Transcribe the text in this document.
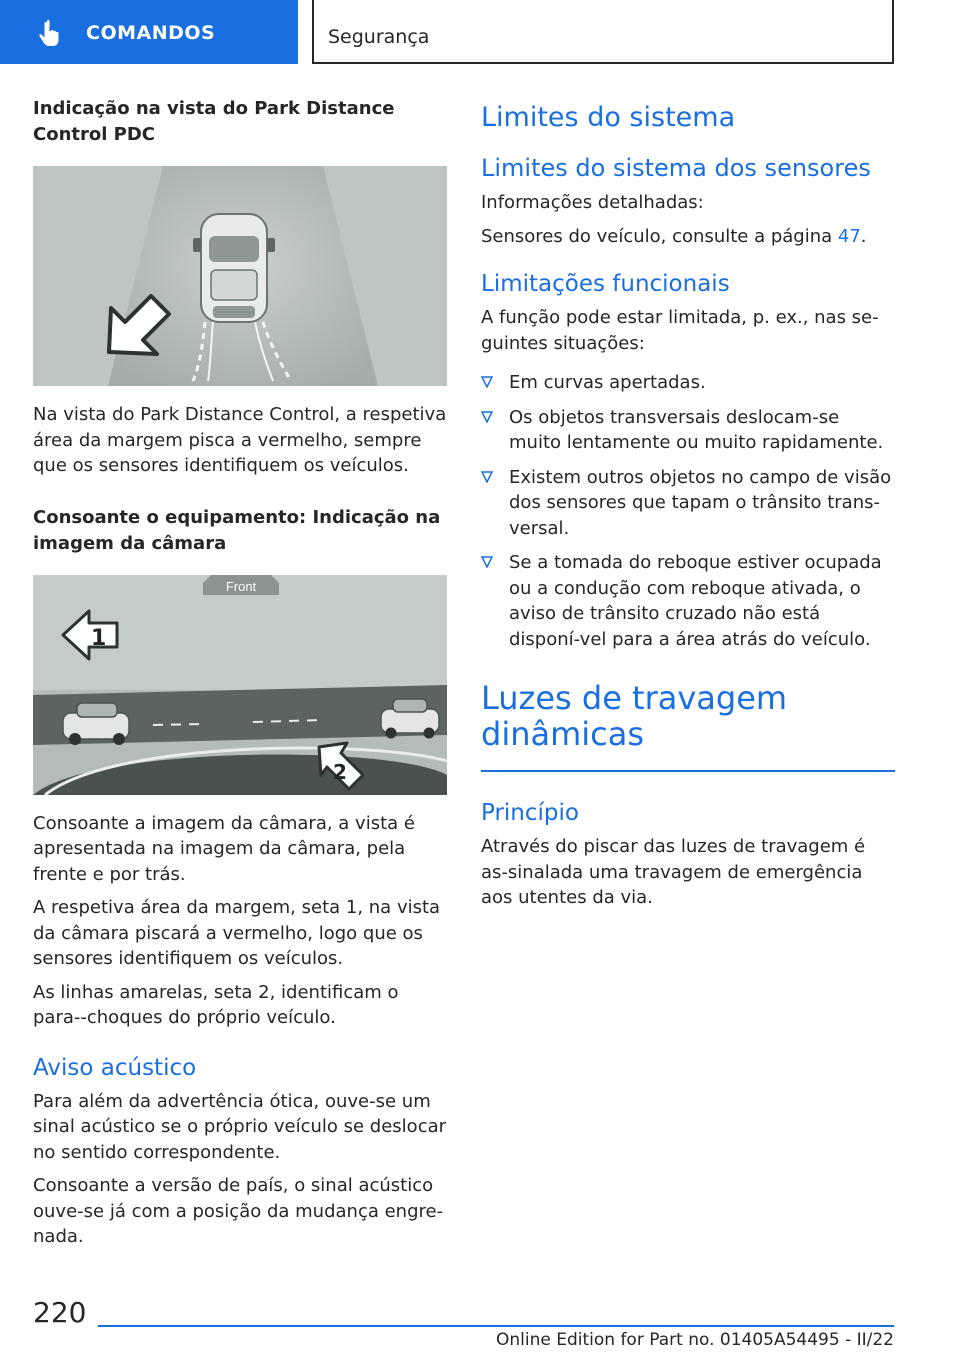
COMANDOS	Segurança
Indicação na vista do Park Distance Control PDC

Na vista do Park Distance Control, a respetiva área da margem pisca a vermelho, sempre que os sensores identifiquem os veículos.

Consoante o equipamento: Indicação na imagem da câmara
Front
1
2

Consoante a imagem da câmara, a vista é apresentada na imagem da câmara, pela frente e por trás.

A respetiva área da margem, seta 1, na vista da câmara piscará a vermelho, logo que os sensores identifiquem os veículos.

As linhas amarelas, seta 2, identificam o para--choques do próprio veículo.

Aviso acústico

Para além da advertência ótica, ouve-se um sinal acústico se o próprio veículo se deslocar no sentido correspondente.

Consoante a versão de país, o sinal acústico ouve-se já com a posição da mudança engre-nada.

Limites do sistema
Limites do sistema dos sensores

Informações detalhadas:

Sensores do veículo, consulte a página 47.

Limitações funcionais

A função pode estar limitada, p. ex., nas se-guintes situações:

Em curvas apertadas.
Os objetos transversais deslocam-se muito lentamente ou muito rapidamente.
Existem outros objetos no campo de visão dos sensores que tapam o trânsito trans-versal.
Se a tomada do reboque estiver ocupada ou a condução com reboque ativada, o aviso de trânsito cruzado não está disponí-vel para a área atrás do veículo.
Luzes de travagem dinâmicas
Princípio

Através do piscar das luzes de travagem é as-sinalada uma travagem de emergência aos utentes da via.

220
Online Edition for Part no. 01405A54495 - II/22
